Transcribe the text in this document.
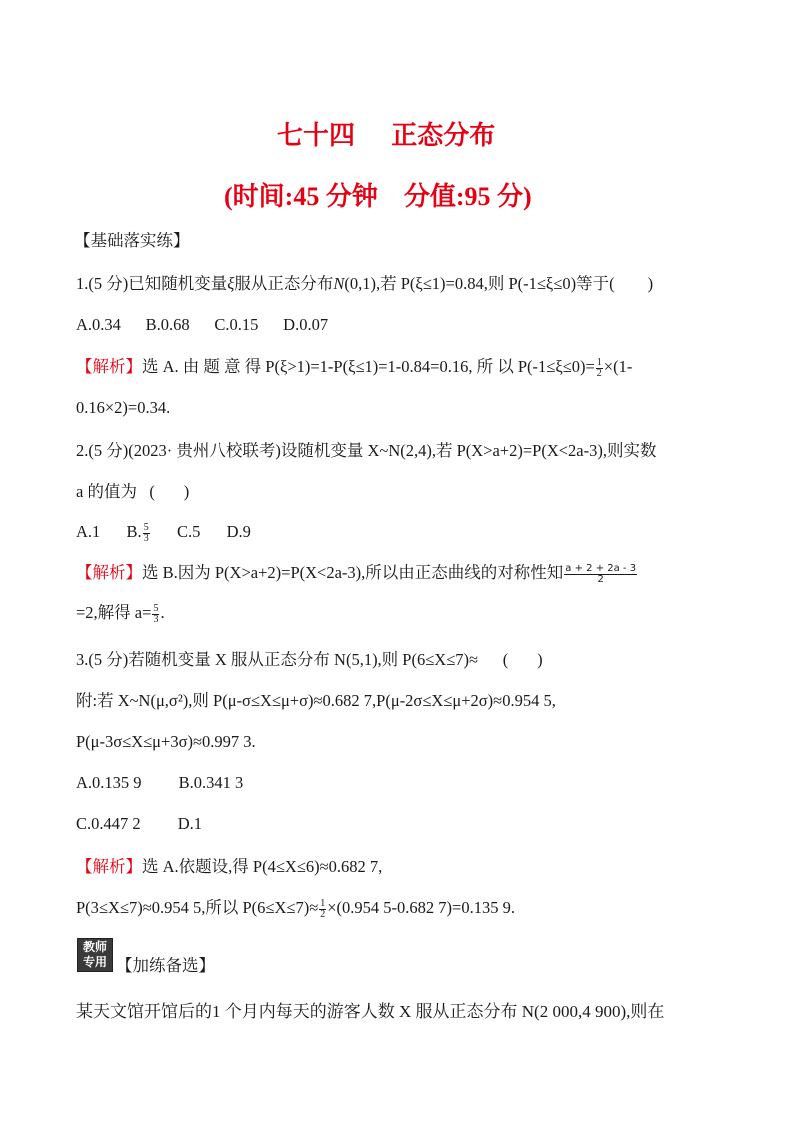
七十四    正态分布
(时间:45 分钟    分值:95 分)
【基础落实练】
1.(5 分)已知随机变量ξ服从正态分布N(0,1),若 P(ξ≤1)=0.84,则 P(-1≤ξ≤0)等于(        )
A.0.34      B.0.68      C.0.15      D.0.07
【解析】选 A. 由 题 意 得 P(ξ>1)=1-P(ξ≤1)=1-0.84=0.16, 所 以 $P(-1\le\xi\le 0)= \frac{1}{2} \times(1-$
0.16×2)=0.34.
2.(5 分)(2023· 贵州八校联考)设随机变量 X~N(2,4),若 P(X>a+2)=P(X<2a-3),则实数
a 的值为   (       )
A.1 B. $\frac{5}{3} C.5$ D.9
【解析】选 B.因为 P(X>a+2)=P(X<2a-3),所以由正态曲线的对称性知 $\frac{a + 2 + 2a - 3}{2}$
=2,解得 $a= \frac{5}{3}$ .
3.(5 分)若随机变量 X 服从正态分布 N(5,1),则 P(6≤X≤7)≈      (       )
附:若 X~N(μ,σ²),则 P(μ-σ≤X≤μ+σ)≈0.682 7,P(μ-2σ≤X≤μ+2σ)≈0.954 5,
P(μ-3σ≤X≤μ+3σ)≈0.997 3.
A.0.135 9         B.0.341 3
C.0.447 2         D.1
【解析】选 A.依题设,得 P(4≤X≤6)≈0.682 7,
P(3≤X≤7)≈0.954 5,所以 $P(6\le X\le 7)\approx \frac{1}{2} \times(0.954$ 5-0.682 7)=0.135 9.
教师
专用 【加练备选】
某天文馆开馆后的1 个月内每天的游客人数 X 服从正态分布 N(2 000,4 900),则在
